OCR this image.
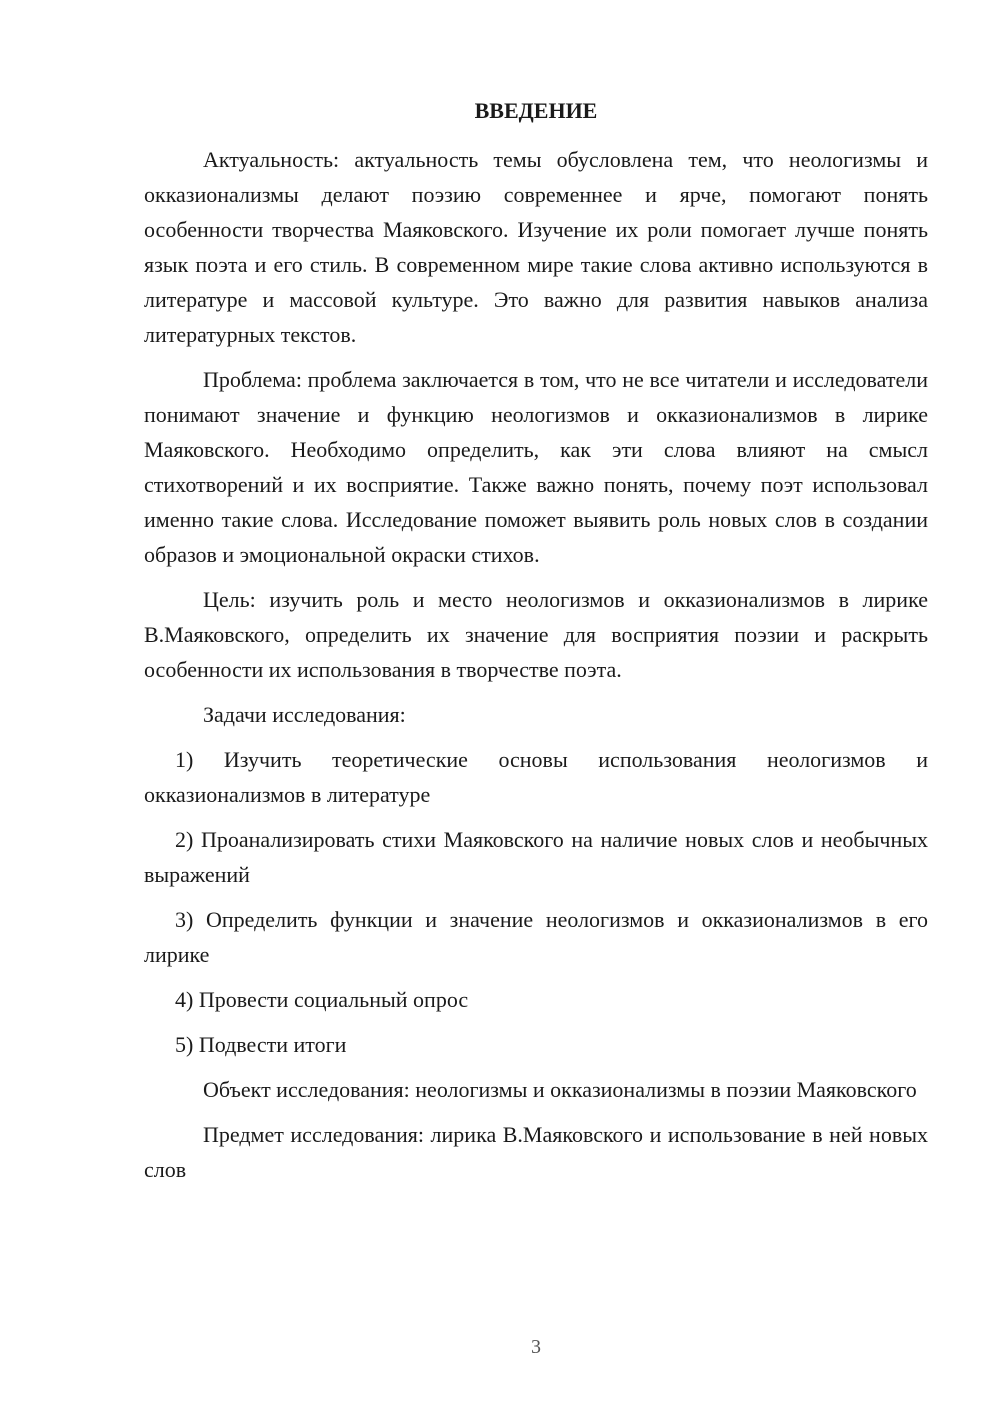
ВВЕДЕНИЕ

Актуальность: актуальность темы обусловлена тем, что неологизмы и окказионализмы делают поэзию современнее и ярче, помогают понять особенности творчества Маяковского. Изучение их роли помогает лучше понять язык поэта и его стиль. В современном мире такие слова активно используются в литературе и массовой культуре. Это важно для развития навыков анализа литературных текстов.

Проблема: проблема заключается в том, что не все читатели и исследователи понимают значение и функцию неологизмов и окказионализмов в лирике Маяковского. Необходимо определить, как эти слова влияют на смысл стихотворений и их восприятие. Также важно понять, почему поэт использовал именно такие слова. Исследование поможет выявить роль новых слов в создании образов и эмоциональной окраски стихов.

Цель: изучить роль и место неологизмов и окказионализмов в лирике В.Маяковского, определить их значение для восприятия поэзии и раскрыть особенности их использования в творчестве поэта.

Задачи исследования:

1) Изучить теоретические основы использования неологизмов и окказионализмов в литературе

2) Проанализировать стихи Маяковского на наличие новых слов и необычных выражений

3) Определить функции и значение неологизмов и окказионализмов в его лирике

4) Провести социальный опрос

5) Подвести итоги

Объект исследования: неологизмы и окказионализмы в поэзии Маяковского

Предмет исследования: лирика В.Маяковского и использование в ней новых слов

3
